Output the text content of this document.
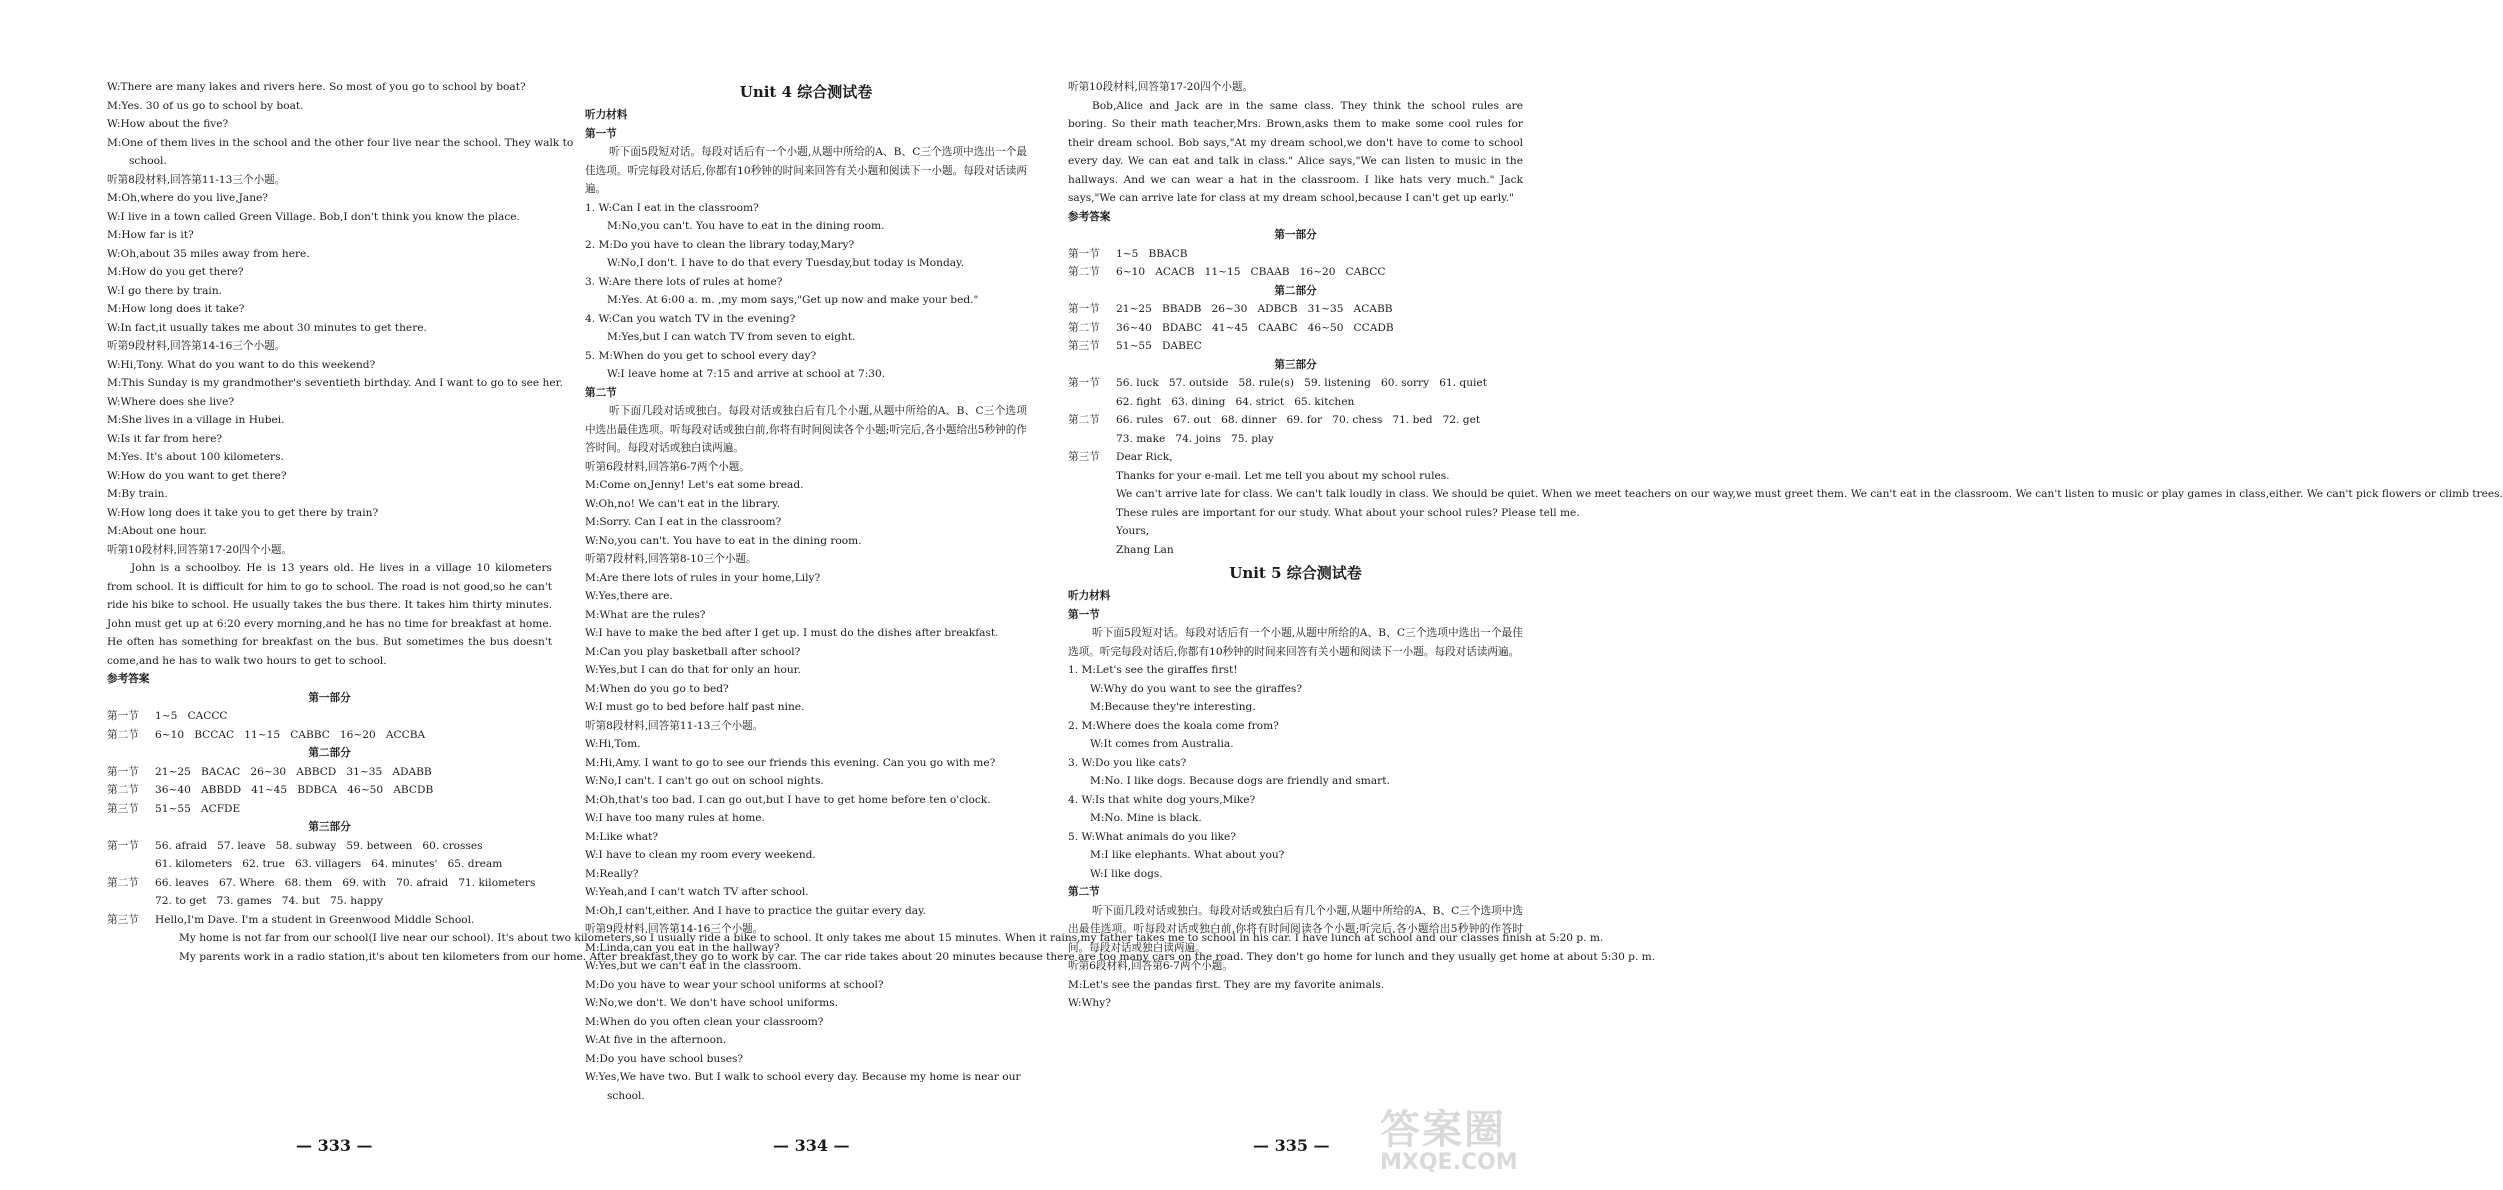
W:There are many lakes and rivers here. So most of you go to school by boat?
M:Yes. 30 of us go to school by boat.
W:How about the five?
M:One of them lives in the school and the other four live near the school. They walk to
school.
听第8段材料,回答第11-13三个小题。
M:Oh,where do you live,Jane?
W:I live in a town called Green Village. Bob,I don't think you know the place.
M:How far is it?
W:Oh,about 35 miles away from here.
M:How do you get there?
W:I go there by train.
M:How long does it take?
W:In fact,it usually takes me about 30 minutes to get there.
听第9段材料,回答第14-16三个小题。
W:Hi,Tony. What do you want to do this weekend?
M:This Sunday is my grandmother's seventieth birthday. And I want to go to see her.
W:Where does she live?
M:She lives in a village in Hubei.
W:Is it far from here?
M:Yes. It's about 100 kilometers.
W:How do you want to get there?
M:By train.
W:How long does it take you to get there by train?
M:About one hour.
听第10段材料,回答第17-20四个小题。
John is a schoolboy. He is 13 years old. He lives in a village 10 kilometers from school. It is difficult for him to go to school. The road is not good,so he can't ride his bike to school. He usually takes the bus there. It takes him thirty minutes. John must get up at 6:20 every morning,and he has no time for breakfast at home. He often has something for breakfast on the bus. But sometimes the bus doesn't come,and he has to walk two hours to get to school.
参考答案
第一部分
第一节	1~5   CACCC
第二节	6~10   BCCAC   11~15   CABBC   16~20   ACCBA
第二部分
第一节	21~25   BACAC   26~30   ABBCD   31~35   ADABB
第二节	36~40   ABBDD   41~45   BDBCA   46~50   ABCDB
第三节	51~55   ACFDE
第三部分
第一节	56. afraid   57. leave   58. subway   59. between   60. crosses
61. kilometers   62. true   63. villagers   64. minutes'   65. dream
第二节	66. leaves   67. Where   68. them   69. with   70. afraid   71. kilometers
72. to get   73. games   74. but   75. happy
第三节	Hello,I'm Dave. I'm a student in Greenwood Middle School.
My home is not far from our school(I live near our school). It's about two kilometers,so I usually ride a bike to school. It only takes me about 15 minutes. When it rains,my father takes me to school in his car. I have lunch at school and our classes finish at 5:20 p. m.
My parents work in a radio station,it's about ten kilometers from our home. After breakfast,they go to work by car. The car ride takes about 20 minutes because there are too many cars on the road. They don't go home for lunch and they usually get home at about 5:30 p. m.
Unit 4 综合测试卷
听力材料
第一节
听下面5段短对话。每段对话后有一个小题,从题中所给的A、B、C三个选项中选出一个最佳选项。听完每段对话后,你都有10秒钟的时间来回答有关小题和阅读下一小题。每段对话读两遍。
1. W:Can I eat in the classroom?
M:No,you can't. You have to eat in the dining room.
2. M:Do you have to clean the library today,Mary?
W:No,I don't. I have to do that every Tuesday,but today is Monday.
3. W:Are there lots of rules at home?
M:Yes. At 6:00 a. m. ,my mom says,"Get up now and make your bed."
4. W:Can you watch TV in the evening?
M:Yes,but I can watch TV from seven to eight.
5. M:When do you get to school every day?
W:I leave home at 7:15 and arrive at school at 7:30.
第二节
听下面几段对话或独白。每段对话或独白后有几个小题,从题中所给的A、B、C三个选项中选出最佳选项。听每段对话或独白前,你将有时间阅读各个小题;听完后,各小题给出5秒钟的作答时间。每段对话或独白读两遍。
听第6段材料,回答第6-7两个小题。
M:Come on,Jenny! Let's eat some bread.
W:Oh,no! We can't eat in the library.
M:Sorry. Can I eat in the classroom?
W:No,you can't. You have to eat in the dining room.
听第7段材料,回答第8-10三个小题。
M:Are there lots of rules in your home,Lily?
W:Yes,there are.
M:What are the rules?
W:I have to make the bed after I get up. I must do the dishes after breakfast.
M:Can you play basketball after school?
W:Yes,but I can do that for only an hour.
M:When do you go to bed?
W:I must go to bed before half past nine.
听第8段材料,回答第11-13三个小题。
W:Hi,Tom.
M:Hi,Amy. I want to go to see our friends this evening. Can you go with me?
W:No,I can't. I can't go out on school nights.
M:Oh,that's too bad. I can go out,but I have to get home before ten o'clock.
W:I have too many rules at home.
M:Like what?
W:I have to clean my room every weekend.
M:Really?
W:Yeah,and I can't watch TV after school.
M:Oh,I can't,either. And I have to practice the guitar every day.
听第9段材料,回答第14-16三个小题。
M:Linda,can you eat in the hallway?
W:Yes,but we can't eat in the classroom.
M:Do you have to wear your school uniforms at school?
W:No,we don't. We don't have school uniforms.
M:When do you often clean your classroom?
W:At five in the afternoon.
M:Do you have school buses?
W:Yes,We have two. But I walk to school every day. Because my home is near our
school.
听第10段材料,回答第17-20四个小题。
Bob,Alice and Jack are in the same class. They think the school rules are boring. So their math teacher,Mrs. Brown,asks them to make some cool rules for their dream school. Bob says,"At my dream school,we don't have to come to school every day. We can eat and talk in class." Alice says,"We can listen to music in the hallways. And we can wear a hat in the classroom. I like hats very much." Jack says,"We can arrive late for class at my dream school,because I can't get up early."
参考答案
第一部分
第一节	1~5   BBACB
第二节	6~10   ACACB   11~15   CBAAB   16~20   CABCC
第二部分
第一节	21~25   BBADB   26~30   ADBCB   31~35   ACABB
第二节	36~40   BDABC   41~45   CAABC   46~50   CCADB
第三节	51~55   DABEC
第三部分
第一节	56. luck   57. outside   58. rule(s)   59. listening   60. sorry   61. quiet
62. fight   63. dining   64. strict   65. kitchen
第二节	66. rules   67. out   68. dinner   69. for   70. chess   71. bed   72. get
73. make   74. joins   75. play
第三节	Dear Rick,
Thanks for your e-mail. Let me tell you about my school rules.
We can't arrive late for class. We can't talk loudly in class. We should be quiet. When we meet teachers on our way,we must greet them. We can't eat in the classroom. We can't listen to music or play games in class,either. We can't pick flowers or climb trees.
These rules are important for our study. What about your school rules? Please tell me.
Yours,
Zhang Lan
Unit 5 综合测试卷
听力材料
第一节
听下面5段短对话。每段对话后有一个小题,从题中所给的A、B、C三个选项中选出一个最佳选项。听完每段对话后,你都有10秒钟的时间来回答有关小题和阅读下一小题。每段对话读两遍。
1. M:Let's see the giraffes first!
W:Why do you want to see the giraffes?
M:Because they're interesting.
2. M:Where does the koala come from?
W:It comes from Australia.
3. W:Do you like cats?
M:No. I like dogs. Because dogs are friendly and smart.
4. W:Is that white dog yours,Mike?
M:No. Mine is black.
5. W:What animals do you like?
M:I like elephants. What about you?
W:I like dogs.
第二节
听下面几段对话或独白。每段对话或独白后有几个小题,从题中所给的A、B、C三个选项中选出最佳选项。听每段对话或独白前,你将有时间阅读各个小题;听完后,各小题给出5秒钟的作答时间。每段对话或独白读两遍。
听第6段材料,回答第6-7两个小题。
M:Let's see the pandas first. They are my favorite animals.
W:Why?
— 333 —	— 334 —	— 335 — 答案圈
MXQE.COM
